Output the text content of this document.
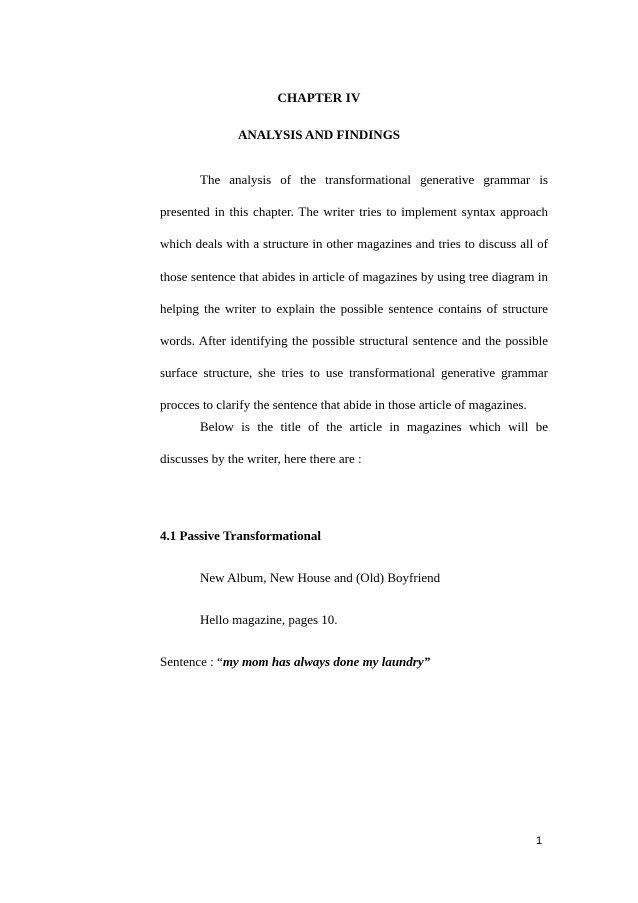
CHAPTER IV
ANALYSIS AND FINDINGS
The analysis of the transformational generative grammar is presented in this chapter. The writer tries to implement syntax approach which deals with a structure in other magazines and tries to discuss all of those sentence that abides in article of magazines by using tree diagram in helping the writer to explain the possible sentence contains of structure words. After identifying the possible structural sentence and the possible surface structure, she tries to use transformational generative grammar procces to clarify the sentence that abide in those article of magazines.
Below is the title of the article in magazines which will be discusses by the writer, here there are :
4.1 Passive Transformational
New Album, New House and (Old) Boyfriend
Hello magazine, pages 10.
Sentence : “my mom has always done my laundry”
1
